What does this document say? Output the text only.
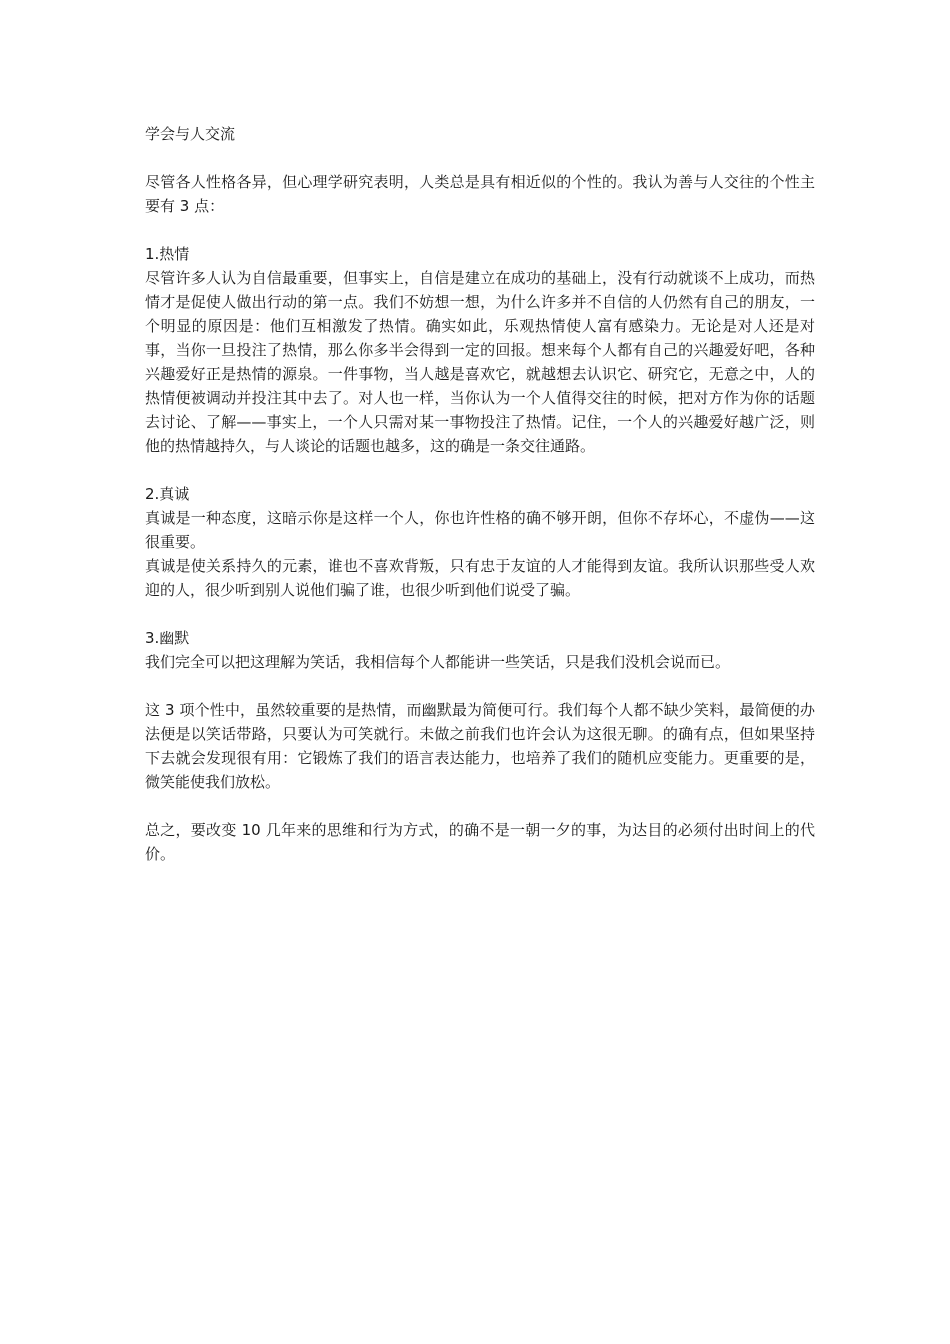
学会与人交流

尽管各人性格各异，但心理学研究表明，人类总是具有相近似的个性的。我认为善与人交往的个性主要有 3 点：

1.热情

尽管许多人认为自信最重要，但事实上，自信是建立在成功的基础上，没有行动就谈不上成功，而热情才是促使人做出行动的第一点。我们不妨想一想，为什么许多并不自信的人仍然有自己的朋友，一个明显的原因是：他们互相激发了热情。确实如此，乐观热情使人富有感染力。无论是对人还是对事，当你一旦投注了热情，那么你多半会得到一定的回报。想来每个人都有自己的兴趣爱好吧，各种兴趣爱好正是热情的源泉。一件事物，当人越是喜欢它，就越想去认识它、研究它，无意之中，人的热情便被调动并投注其中去了。对人也一样，当你认为一个人值得交往的时候，把对方作为你的话题去讨论、了解——事实上，一个人只需对某一事物投注了热情。记住，一个人的兴趣爱好越广泛，则他的热情越持久，与人谈论的话题也越多，这的确是一条交往通路。

2.真诚

真诚是一种态度，这暗示你是这样一个人，你也许性格的确不够开朗，但你不存坏心，不虚伪——这很重要。

真诚是使关系持久的元素，谁也不喜欢背叛，只有忠于友谊的人才能得到友谊。我所认识那些受人欢迎的人，很少听到别人说他们骗了谁，也很少听到他们说受了骗。

3.幽默

我们完全可以把这理解为笑话，我相信每个人都能讲一些笑话，只是我们没机会说而已。

这 3 项个性中，虽然较重要的是热情，而幽默最为简便可行。我们每个人都不缺少笑料，最简便的办法便是以笑话带路，只要认为可笑就行。未做之前我们也许会认为这很无聊。的确有点，但如果坚持下去就会发现很有用：它锻炼了我们的语言表达能力，也培养了我们的随机应变能力。更重要的是，微笑能使我们放松。

总之，要改变 10 几年来的思维和行为方式，的确不是一朝一夕的事，为达目的必须付出时间上的代价。
